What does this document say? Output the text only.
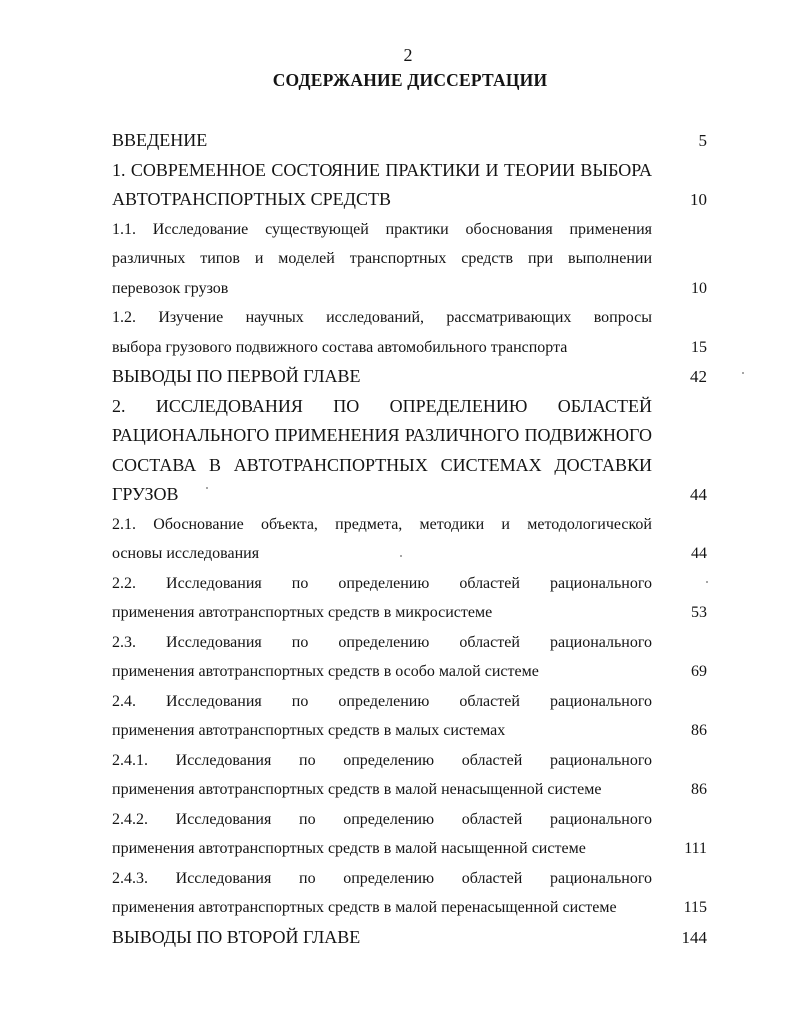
2
СОДЕРЖАНИЕ ДИССЕРТАЦИИ
ВВЕДЕНИЕ	5
1. СОВРЕМЕННОЕ СОСТОЯНИЕ ПРАКТИКИ И ТЕОРИИ ВЫБОРА
АВТОТРАНСПОРТНЫХ СРЕДСТВ	10
1.1. Исследование существующей практики обоснования применения
различных типов и моделей транспортных средств при выполнении
перевозок грузов	10
1.2. Изучение научных исследований, рассматривающих вопросы
выбора грузового подвижного состава автомобильного транспорта	15
ВЫВОДЫ ПО ПЕРВОЙ ГЛАВЕ	42
2. ИССЛЕДОВАНИЯ ПО ОПРЕДЕЛЕНИЮ ОБЛАСТЕЙ
РАЦИОНАЛЬНОГО ПРИМЕНЕНИЯ РАЗЛИЧНОГО ПОДВИЖНОГО
СОСТАВА В АВТОТРАНСПОРТНЫХ СИСТЕМАХ ДОСТАВКИ
ГРУЗОВ	44
2.1. Обоснование объекта, предмета, методики и методологической
основы исследования	44
2.2. Исследования по определению областей рационального
применения автотранспортных средств в микросистеме	53
2.3. Исследования по определению областей рационального
применения автотранспортных средств в особо малой системе	69
2.4. Исследования по определению областей рационального
применения автотранспортных средств в малых системах	86
2.4.1. Исследования по определению областей рационального
применения автотранспортных средств в малой ненасыщенной системе	86
2.4.2. Исследования по определению областей рационального
применения автотранспортных средств в малой насыщенной системе	111
2.4.3. Исследования по определению областей рационального
применения автотранспортных средств в малой перенасыщенной системе	115
ВЫВОДЫ ПО ВТОРОЙ ГЛАВЕ	144
